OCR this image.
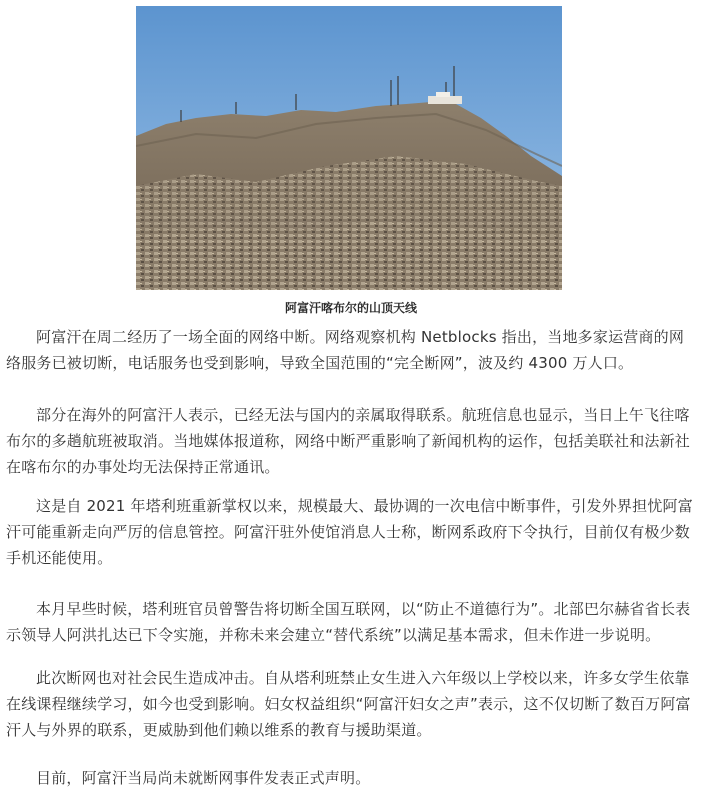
阿富汗喀布尔的山顶天线

阿富汗在周二经历了一场全面的网络中断。网络观察机构 Netblocks 指出，当地多家运营商的网络服务已被切断，电话服务也受到影响，导致全国范围的“完全断网”，波及约 4300 万人口。

部分在海外的阿富汗人表示，已经无法与国内的亲属取得联系。航班信息也显示，当日上午飞往喀布尔的多趟航班被取消。当地媒体报道称，网络中断严重影响了新闻机构的运作，包括美联社和法新社在喀布尔的办事处均无法保持正常通讯。

这是自 2021 年塔利班重新掌权以来，规模最大、最协调的一次电信中断事件，引发外界担忧阿富汗可能重新走向严厉的信息管控。阿富汗驻外使馆消息人士称，断网系政府下令执行，目前仅有极少数手机还能使用。

本月早些时候，塔利班官员曾警告将切断全国互联网，以“防止不道德行为”。北部巴尔赫省省长表示领导人阿洪扎达已下令实施，并称未来会建立“替代系统”以满足基本需求，但未作进一步说明。

此次断网也对社会民生造成冲击。自从塔利班禁止女生进入六年级以上学校以来，许多女学生依靠在线课程继续学习，如今也受到影响。妇女权益组织“阿富汗妇女之声”表示，这不仅切断了数百万阿富汗人与外界的联系，更威胁到他们赖以维系的教育与援助渠道。

目前，阿富汗当局尚未就断网事件发表正式声明。
